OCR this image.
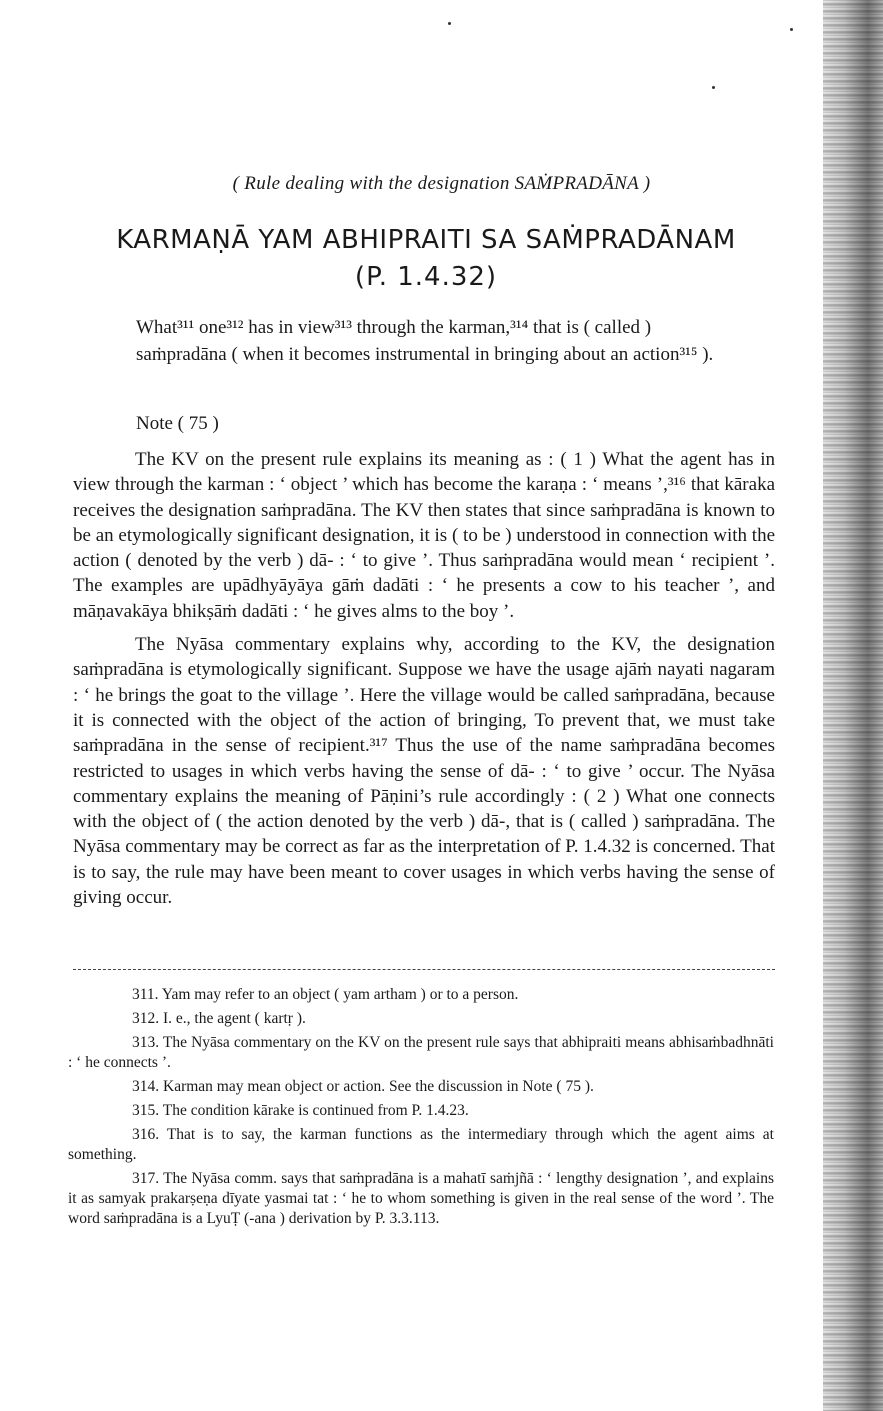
( Rule dealing with the designation SAṀPRADĀNA )
KARMAṆĀ YAM ABHIPRAITI SA SAṀPRADĀNAM
(P. 1.4.32)
What³¹¹ one³¹² has in view³¹³ through the karman,³¹⁴ that is ( called ) saṁpradāna ( when it becomes instrumental in bringing about an action³¹⁵ ).
Note ( 75 )

The KV on the present rule explains its meaning as : ( 1 ) What the agent has in view through the karman : ‘ object ’ which has become the karaṇa : ‘ means ’,³¹⁶ that kāraka receives the designation saṁpradāna. The KV then states that since saṁpradāna is known to be an etymologically significant designation, it is ( to be ) understood in connection with the action ( denoted by the verb ) dā- : ‘ to give ’. Thus saṁpradāna would mean ‘ recipient ’. The examples are upādhyāyāya gāṁ dadāti : ‘ he presents a cow to his teacher ’, and māṇavakāya bhikṣāṁ dadāti : ‘ he gives alms to the boy ’.

The Nyāsa commentary explains why, according to the KV, the designation saṁpradāna is etymologically significant. Suppose we have the usage ajāṁ nayati nagaram : ‘ he brings the goat to the village ’. Here the village would be called saṁpradāna, because it is connected with the object of the action of bringing, To prevent that, we must take saṁpradāna in the sense of recipient.³¹⁷ Thus the use of the name saṁpradāna becomes restricted to usages in which verbs having the sense of dā- : ‘ to give ’ occur. The Nyāsa commentary explains the meaning of Pāṇini’s rule accordingly : ( 2 ) What one connects with the object of ( the action denoted by the verb ) dā-, that is ( called ) saṁpradāna. The Nyāsa commentary may be correct as far as the interpretation of P. 1.4.32 is concerned. That is to say, the rule may have been meant to cover usages in which verbs having the sense of giving occur.

311. Yam may refer to an object ( yam artham ) or to a person.
312. I. e., the agent ( kartṛ ).
313. The Nyāsa commentary on the KV on the present rule says that abhipraiti means abhisaṁbadhnāti : ‘ he connects ’.
314. Karman may mean object or action. See the discussion in Note ( 75 ).
315. The condition kārake is continued from P. 1.4.23.
316. That is to say, the karman functions as the intermediary through which the agent aims at something.
317. The Nyāsa comm. says that saṁpradāna is a mahatī saṁjñā : ‘ lengthy designation ’, and explains it as samyak prakarṣeṇa dīyate yasmai tat : ‘ he to whom something is given in the real sense of the word ’. The word saṁpradāna is a LyuṬ (-ana ) derivation by P. 3.3.113.
